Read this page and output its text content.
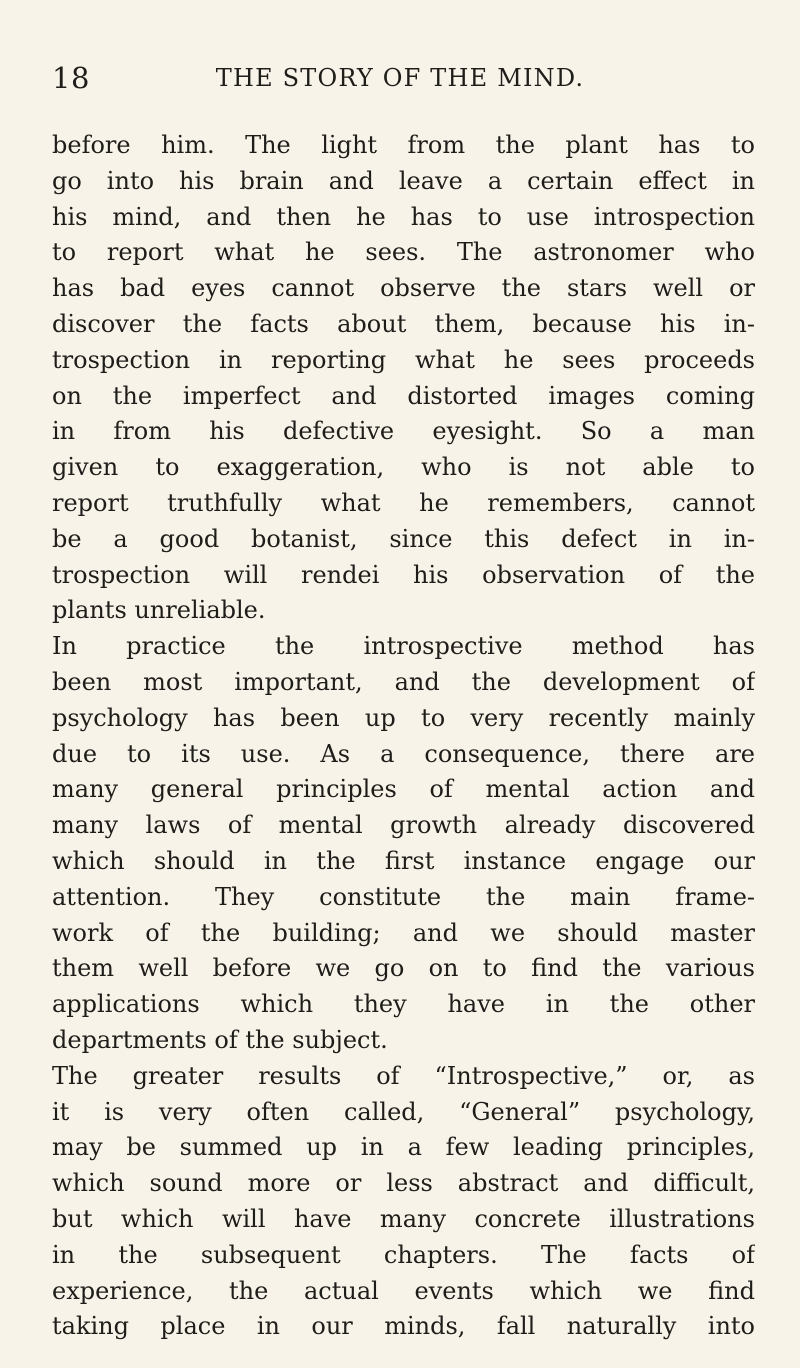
18	THE STORY OF THE MIND.
before him. The light from the plant has to
go into his brain and leave a certain effect in
his mind, and then he has to use introspection
to report what he sees. The astronomer who
has bad eyes cannot observe the stars well or
discover the facts about them, because his in-
trospection in reporting what he sees proceeds
on the imperfect and distorted images coming
in from his defective eyesight. So a man
given to exaggeration, who is not able to
report truthfully what he remembers, cannot
be a good botanist, since this defect in in-
trospection will rendei his observation of the
plants unreliable.
In practice the introspective method has
been most important, and the development of
psychology has been up to very recently mainly
due to its use. As a consequence, there are
many general principles of mental action and
many laws of mental growth already discovered
which should in the first instance engage our
attention. They constitute the main frame-
work of the building; and we should master
them well before we go on to find the various
applications which they have in the other
departments of the subject.
The greater results of “Introspective,” or, as
it is very often called, “General” psychology,
may be summed up in a few leading principles,
which sound more or less abstract and difficult,
but which will have many concrete illustrations
in the subsequent chapters. The facts of
experience, the actual events which we find
taking place in our minds, fall naturally into
